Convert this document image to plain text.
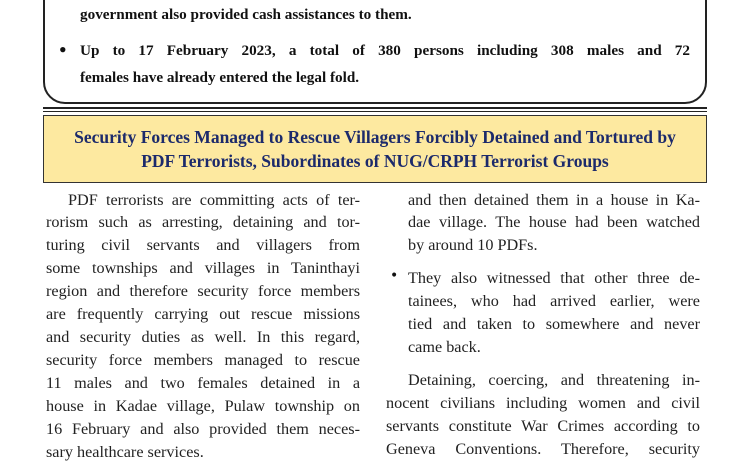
government also provided cash assistances to them.
• Up to 17 February 2023, a total of 380 persons including 308 males and 72
females have already entered the legal fold.
Security Forces Managed to Rescue Villagers Forcibly Detained and Tortured by
PDF Terrorists, Subordinates of NUG/CRPH Terrorist Groups
PDF terrorists are committing acts of ter-
rorism such as arresting, detaining and tor-
turing civil servants and villagers from
some townships and villages in Taninthayi
region and therefore security force members
are frequently carrying out rescue missions
and security duties as well. In this regard,
security force members managed to rescue
11 males and two females detained in a
house in Kadae village, Pulaw township on
16 February and also provided them neces-
sary healthcare services.
and then detained them in a house in Ka-
dae village. The house had been watched
by around 10 PDFs.
• They also witnessed that other three de-
tainees, who had arrived earlier, were
tied and taken to somewhere and never
came back.
Detaining, coercing, and threatening in-
nocent civilians including women and civil
servants constitute War Crimes according to
Geneva Conventions. Therefore, security
